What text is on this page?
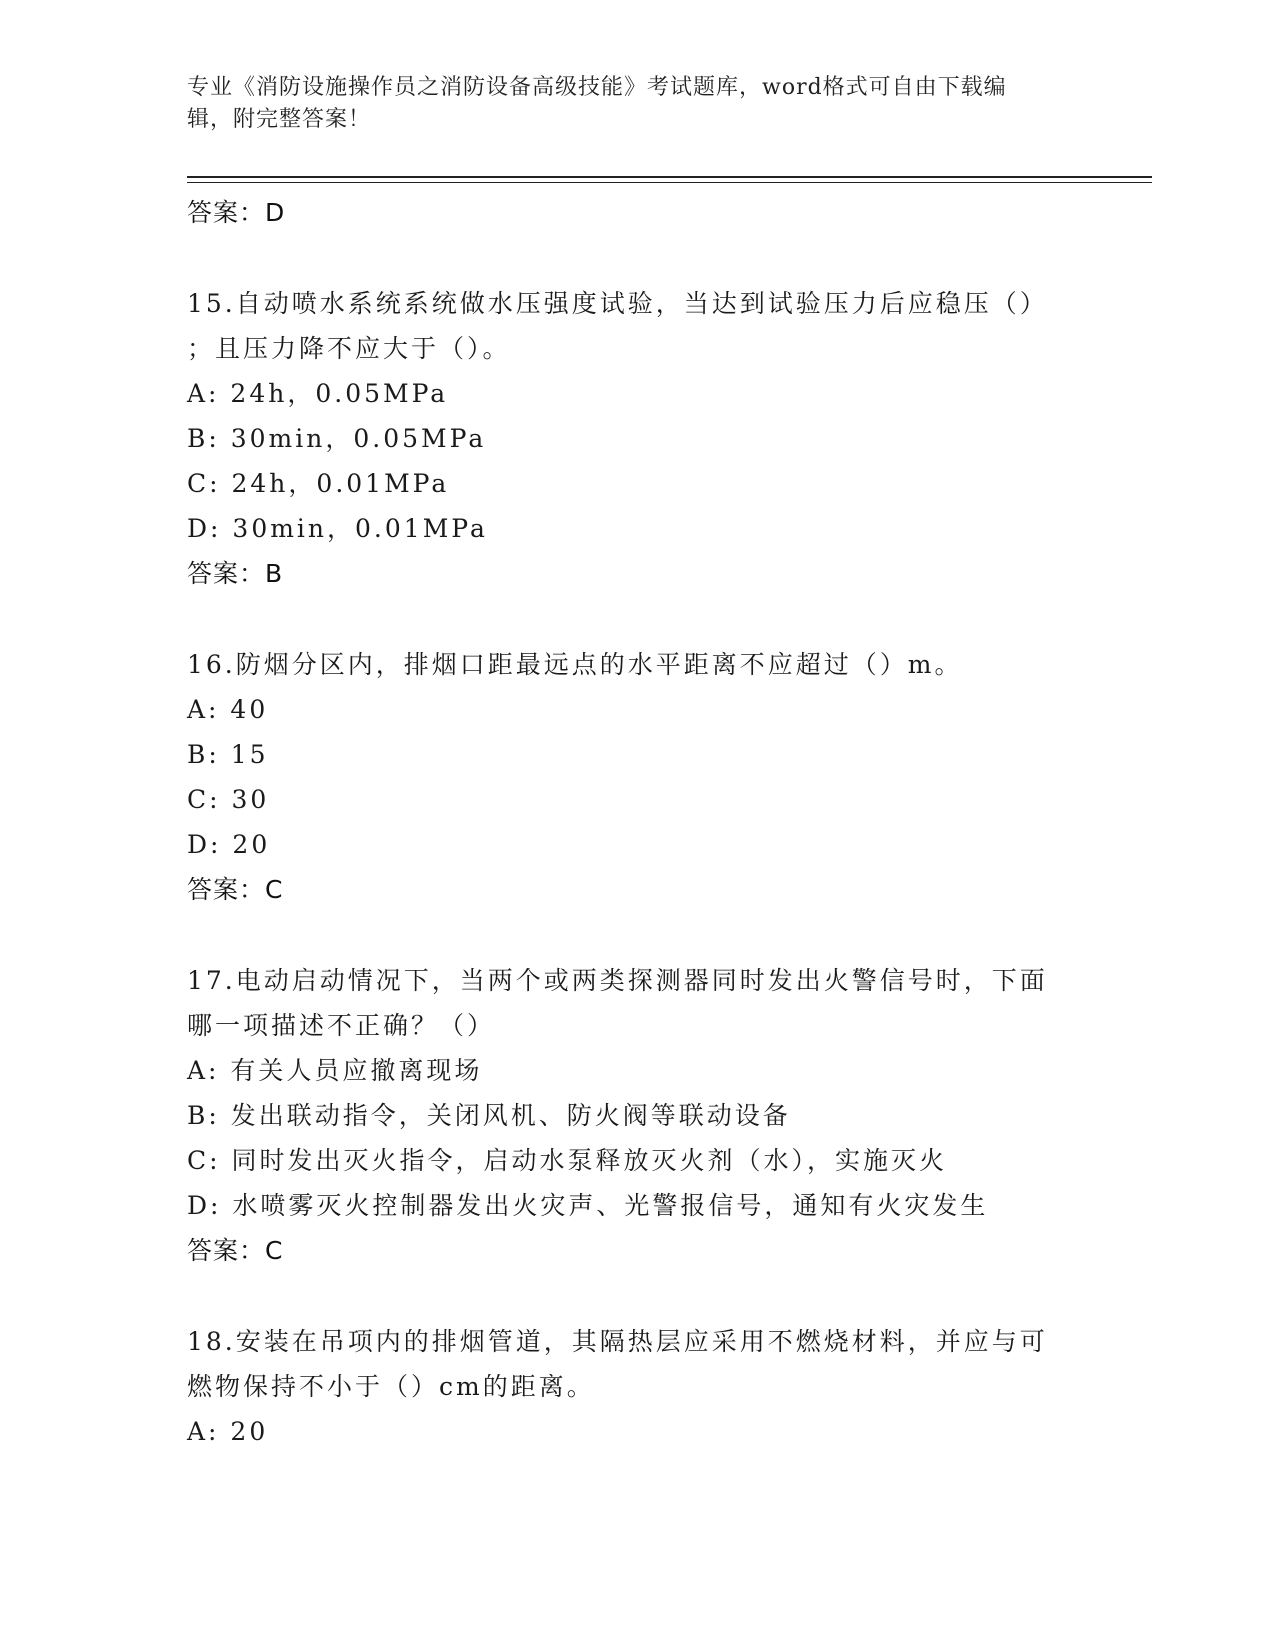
专业《消防设施操作员之消防设备高级技能》考试题库，word格式可自由下载编
辑，附完整答案！
答案：D
15.自动喷水系统系统做水压强度试验，当达到试验压力后应稳压（）
；且压力降不应大于（）。
A: 24h，0.05MPa
B: 30min，0.05MPa
C: 24h，0.01MPa
D: 30min，0.01MPa
答案：B
16.防烟分区内，排烟口距最远点的水平距离不应超过（）m。
A: 40
B: 15
C: 30
D: 20
答案：C
17.电动启动情况下，当两个或两类探测器同时发出火警信号时，下面
哪一项描述不正确？（）
A: 有关人员应撤离现场
B: 发出联动指令，关闭风机、防火阀等联动设备
C: 同时发出灭火指令，启动水泵释放灭火剂（水），实施灭火
D: 水喷雾灭火控制器发出火灾声、光警报信号，通知有火灾发生
答案：C
18.安装在吊项内的排烟管道，其隔热层应采用不燃烧材料，并应与可
燃物保持不小于（）cm的距离。
A: 20
